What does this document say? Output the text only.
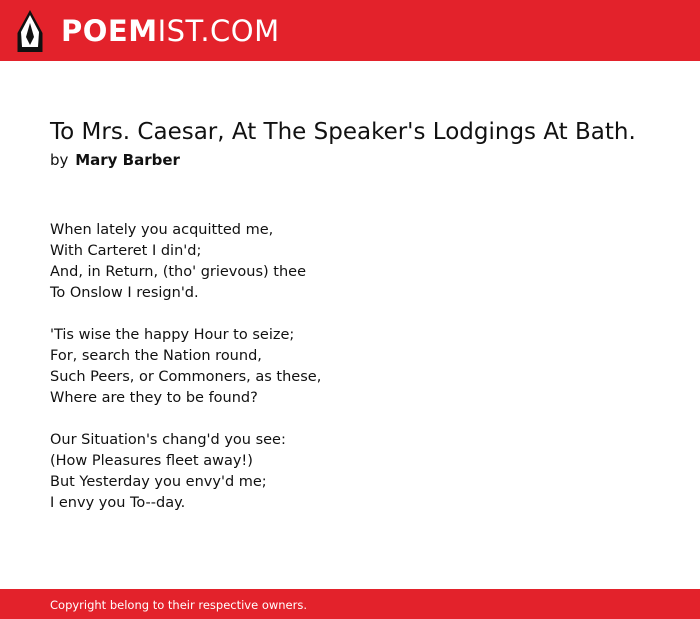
POEMIST.COM
To Mrs. Caesar, At The Speaker's Lodgings At Bath.
by Mary Barber
When lately you acquitted me,
With Carteret I din'd;
And, in Return, (tho' grievous) thee
To Onslow I resign'd.
'Tis wise the happy Hour to seize;
For, search the Nation round,
Such Peers, or Commoners, as these,
Where are they to be found?
Our Situation's chang'd you see:
(How Pleasures fleet away!)
But Yesterday you envy'd me;
I envy you To--day.
Copyright belong to their respective owners.
